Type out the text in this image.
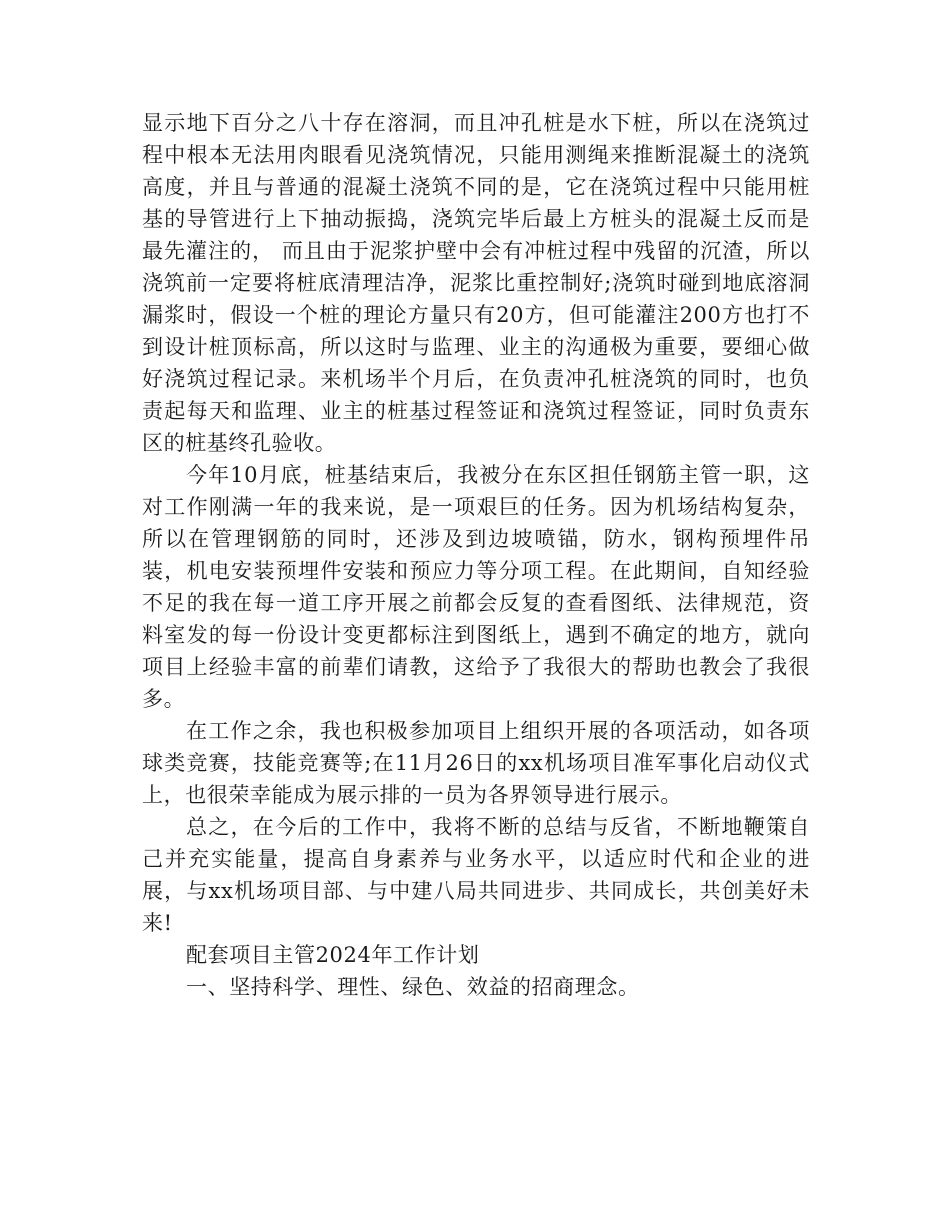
显示地下百分之八十存在溶洞，而且冲孔桩是水下桩，所以在浇筑过程中根本无法用肉眼看见浇筑情况，只能用测绳来推断混凝土的浇筑高度，并且与普通的混凝土浇筑不同的是，它在浇筑过程中只能用桩基的导管进行上下抽动振捣，浇筑完毕后最上方桩头的混凝土反而是最先灌注的， 而且由于泥浆护壁中会有冲桩过程中残留的沉渣，所以浇筑前一定要将桩底清理洁净，泥浆比重控制好;浇筑时碰到地底溶洞漏浆时，假设一个桩的理论方量只有20方，但可能灌注200方也打不到设计桩顶标高，所以这时与监理、业主的沟通极为重要，要细心做好浇筑过程记录。来机场半个月后，在负责冲孔桩浇筑的同时，也负责起每天和监理、业主的桩基过程签证和浇筑过程签证，同时负责东区的桩基终孔验收。

今年10月底，桩基结束后，我被分在东区担任钢筋主管一职，这对工作刚满一年的我来说，是一项艰巨的任务。因为机场结构复杂，所以在管理钢筋的同时，还涉及到边坡喷锚，防水，钢构预埋件吊装，机电安装预埋件安装和预应力等分项工程。在此期间，自知经验不足的我在每一道工序开展之前都会反复的查看图纸、法律规范，资料室发的每一份设计变更都标注到图纸上，遇到不确定的地方，就向项目上经验丰富的前辈们请教，这给予了我很大的帮助也教会了我很多。

在工作之余，我也积极参加项目上组织开展的各项活动，如各项球类竞赛，技能竞赛等;在11月26日的xx机场项目准军事化启动仪式上，也很荣幸能成为展示排的一员为各界领导进行展示。

总之，在今后的工作中，我将不断的总结与反省，不断地鞭策自己并充实能量，提高自身素养与业务水平，以适应时代和企业的进展，与xx机场项目部、与中建八局共同进步、共同成长，共创美好未来!

配套项目主管2024年工作计划

一、坚持科学、理性、绿色、效益的招商理念。
